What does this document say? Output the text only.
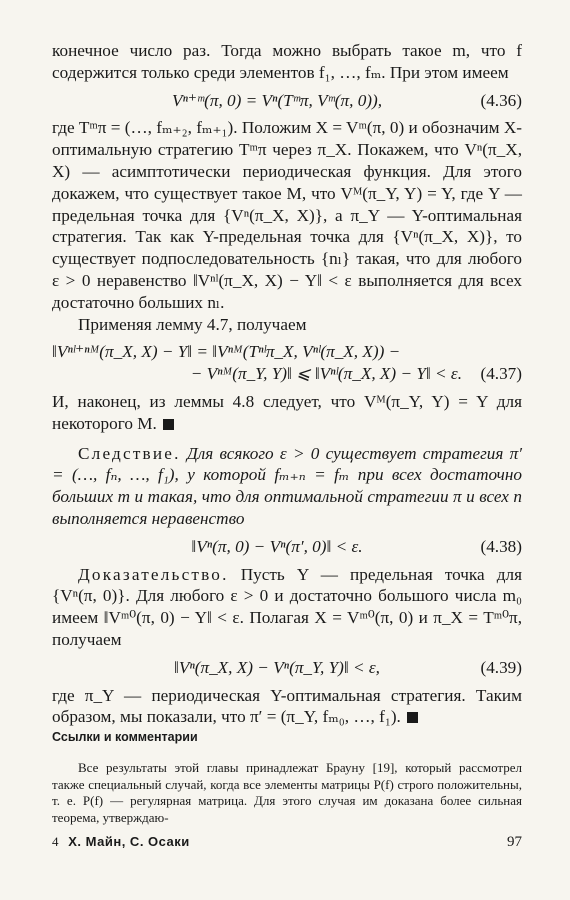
конечное число раз. Тогда можно выбрать такое m, что f содержится только среди элементов f₁, …, fₘ. При этом имеем

Vⁿ⁺ᵐ(π, 0) = Vⁿ(Tᵐπ, Vᵐ(π, 0)),	(4.36)

где Tᵐπ = (…, fₘ₊₂, fₘ₊₁). Положим X = Vᵐ(π, 0) и обозначим X-оптимальную стратегию Tᵐπ через π_X. Покажем, что Vⁿ(π_X, X) — асимптотически периодическая функция. Для этого докажем, что существует такое M, что Vᴹ(π_Y, Y) = Y, где Y — предельная точка для {Vⁿ(π_X, X)}, а π_Y — Y-оптимальная стратегия. Так как Y-предельная точка для {Vⁿ(π_X, X)}, то существует подпоследовательность {nₗ} такая, что для любого ε > 0 неравенство ‖Vⁿˡ(π_X, X) − Y‖ < ε выполняется для всех достаточно больших nₗ.

Применяя лемму 4.7, получаем

‖Vⁿˡ⁺ⁿᴹ(π_X, X) − Y‖ = ‖Vⁿᴹ(Tⁿˡπ_X, Vⁿˡ(π_X, X)) −
− Vⁿᴹ(π_Y, Y)‖ ⩽ ‖Vⁿˡ(π_X, X) − Y‖ < ε.	(4.37)

И, наконец, из леммы 4.8 следует, что Vᴹ(π_Y, Y) = Y для некоторого M.

Следствие. Для всякого ε > 0 существует стратегия π′ = (…, fₙ, …, f₁), у которой fₘ₊ₙ = fₘ при всех достаточно больших m и такая, что для оптимальной стратегии π и всех n выполняется неравенство

‖Vⁿ(π, 0) − Vⁿ(π′, 0)‖ < ε.	(4.38)

Доказательство. Пусть Y — предельная точка для {Vⁿ(π, 0)}. Для любого ε > 0 и достаточно большого числа m₀ имеем ‖Vᵐ⁰(π, 0) − Y‖ < ε. Полагая X = Vᵐ⁰(π, 0) и π_X = Tᵐ⁰π, получаем

‖Vⁿ(π_X, X) − Vⁿ(π_Y, Y)‖ < ε,	(4.39)

где π_Y — периодическая Y-оптимальная стратегия. Таким образом, мы показали, что π′ = (π_Y, fₘ₀, …, f₁).

Ссылки и комментарии

Все результаты этой главы принадлежат Брауну [19], который рассмотрел также специальный случай, когда все элементы матрицы P(f) строго положительны, т. е. P(f) — регулярная матрица. Для этого случая им доказана более сильная теорема, утверждаю-

4 Х. Майн, С. Осаки	97
